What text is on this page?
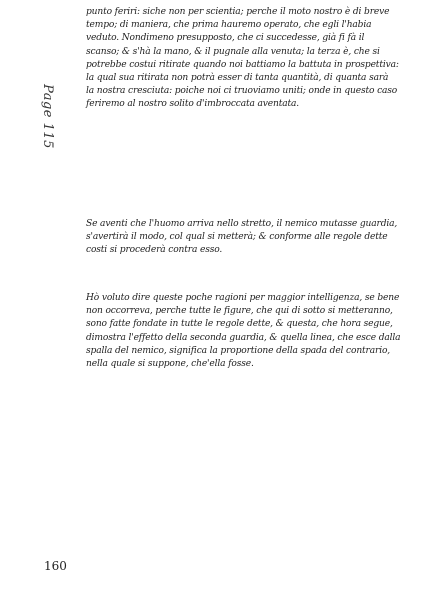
Page 115
punto feriri: siche non per scientia; perche il moto nostro è di breve
tempo; di maniera, che prima hauremo operato, che egli l'habia
veduto. Nondimeno presupposto, che ci succedesse, già fi fà il
scanso; & s'hà la mano, & il pugnale alla venuta; la terza è, che si
potrebbe costui ritirate quando noi battiamo la battuta in prospettiva:
la qual sua ritirata non potrà esser di tanta quantità, di quanta sarà
la nostra cresciuta: poiche noi ci truoviamo uniti; onde in questo caso
feriremo al nostro solito d'imbroccata aventata.
Se aventi che l'huomo arriva nello stretto, il nemico mutasse guardia,
s'avertirà il modo, col qual si metterà; & conforme alle regole dette
costi si procederà contra esso.
Hò voluto dire queste poche ragioni per maggior intelligenza, se bene
non occorreva, perche tutte le figure, che qui di sotto si metteranno,
sono fatte fondate in tutte le regole dette, & questa, che hora segue,
dimostra l'effetto della seconda guardia, & quella linea, che esce dalla
spalla del nemico, significa la proportione della spada del contrario,
nella quale si suppone, che'ella fosse.
160
